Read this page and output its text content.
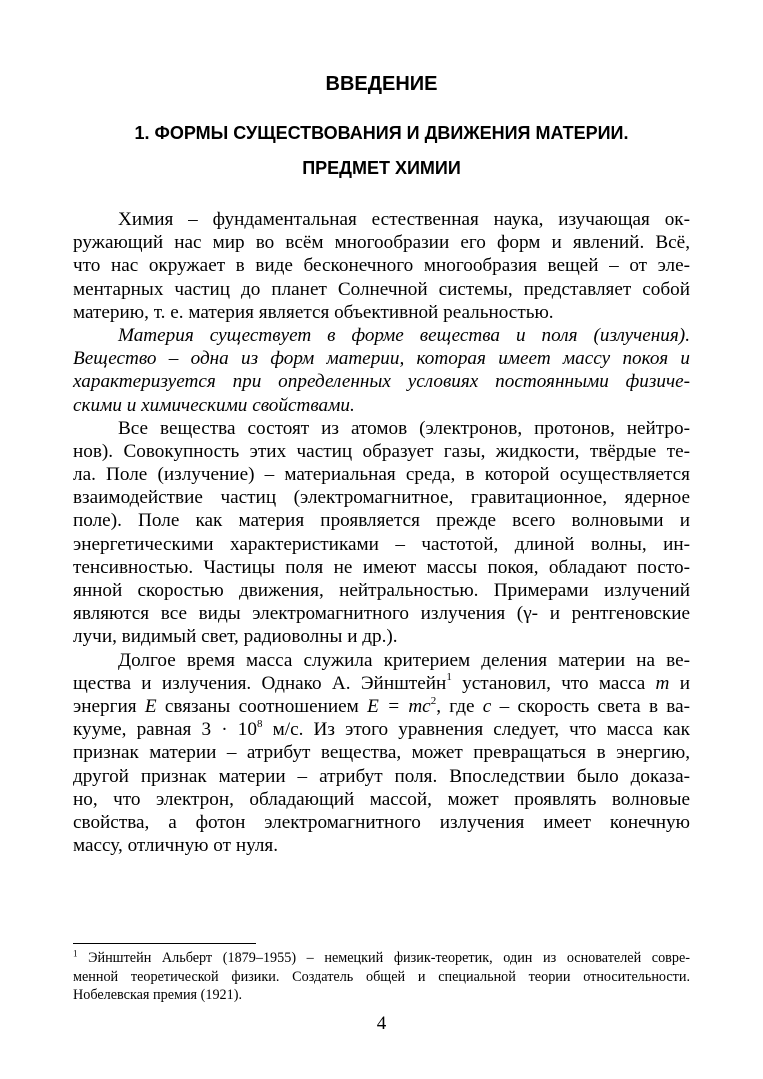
ВВЕДЕНИЕ
1. ФОРМЫ СУЩЕСТВОВАНИЯ И ДВИЖЕНИЯ МАТЕРИИ.
ПРЕДМЕТ ХИМИИ
Химия – фундаментальная естественная наука, изучающая ок-
ружающий нас мир во всём многообразии его форм и явлений. Всё,
что нас окружает в виде бесконечного многообразия вещей – от эле-
ментарных частиц до планет Солнечной системы, представляет собой
материю, т. е. материя является объективной реальностью.
Материя существует в форме вещества и поля (излучения).
Вещество – одна из форм материи, которая имеет массу покоя и
характеризуется при определенных условиях постоянными физиче-
скими и химическими свойствами.
Все вещества состоят из атомов (электронов, протонов, нейтро-
нов). Совокупность этих частиц образует газы, жидкости, твёрдые те-
ла. Поле (излучение) – материальная среда, в которой осуществляется
взаимодействие частиц (электромагнитное, гравитационное, ядерное
поле). Поле как материя проявляется прежде всего волновыми и
энергетическими характеристиками – частотой, длиной волны, ин-
тенсивностью. Частицы поля не имеют массы покоя, обладают посто-
янной скоростью движения, нейтральностью. Примерами излучений
являются все виды электромагнитного излучения (γ- и рентгеновские
лучи, видимый свет, радиоволны и др.).
Долгое время масса служила критерием деления материи на ве-
щества и излучения. Однако А. Эйнштейн$^1$ установил, что масса m и
энергия E связаны соотношением $E = mc^2$, где c – скорость света в ва-
кууме, равная $3 \cdot 10^8$ м/с. Из этого уравнения следует, что масса как
признак материи – атрибут вещества, может превращаться в энергию,
другой признак материи – атрибут поля. Впоследствии было доказа-
но, что электрон, обладающий массой, может проявлять волновые
свойства, а фотон электромагнитного излучения имеет конечную
массу, отличную от нуля.
$^1$ Эйнштейн Альберт (1879–1955) – немецкий физик-теоретик, один из основателей совре-
менной теоретической физики. Создатель общей и специальной теории относительности.
Нобелевская премия (1921).
4
